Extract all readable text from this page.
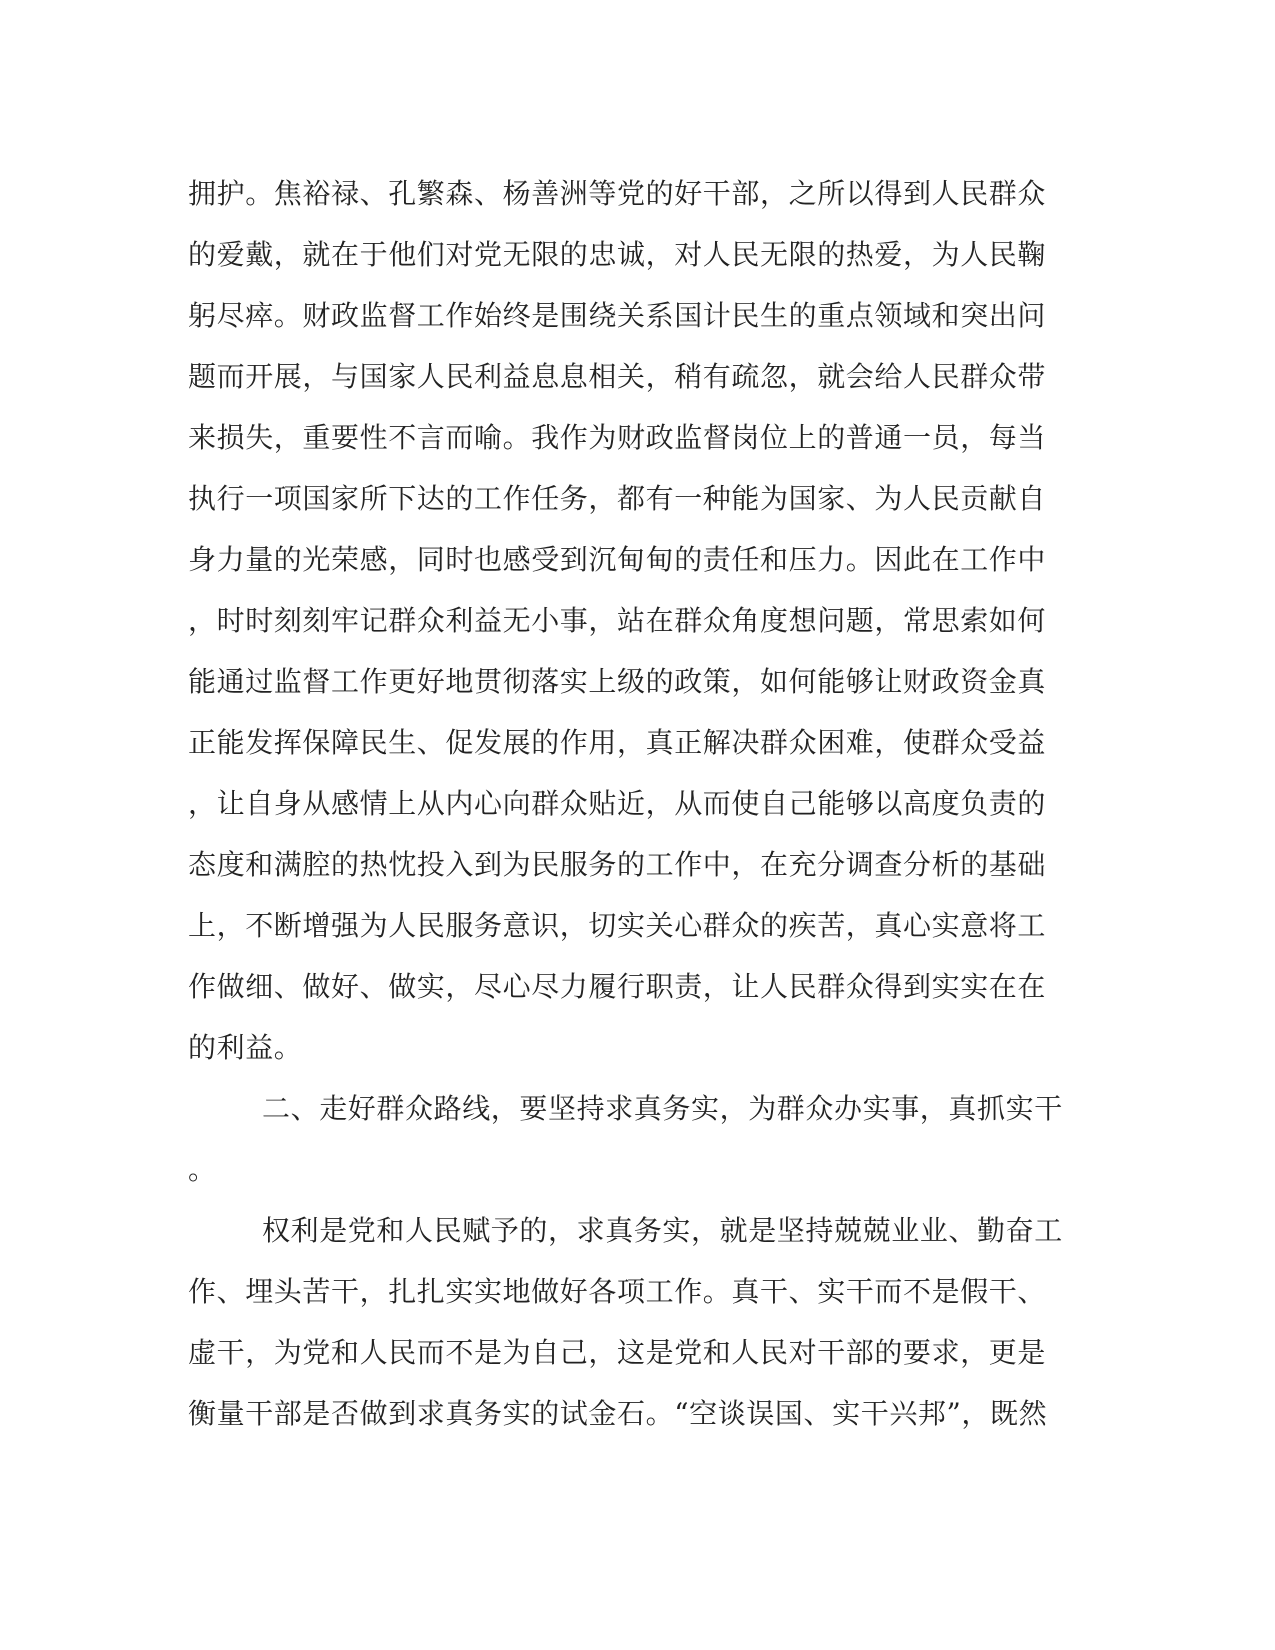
拥护。焦裕禄、孔繁森、杨善洲等党的好干部，之所以得到人民群众
的爱戴，就在于他们对党无限的忠诚，对人民无限的热爱，为人民鞠
躬尽瘁。财政监督工作始终是围绕关系国计民生的重点领域和突出问
题而开展，与国家人民利益息息相关，稍有疏忽，就会给人民群众带
来损失，重要性不言而喻。我作为财政监督岗位上的普通一员，每当
执行一项国家所下达的工作任务，都有一种能为国家、为人民贡献自
身力量的光荣感，同时也感受到沉甸甸的责任和压力。因此在工作中
，时时刻刻牢记群众利益无小事，站在群众角度想问题，常思索如何
能通过监督工作更好地贯彻落实上级的政策，如何能够让财政资金真
正能发挥保障民生、促发展的作用，真正解决群众困难，使群众受益
，让自身从感情上从内心向群众贴近，从而使自己能够以高度负责的
态度和满腔的热忱投入到为民服务的工作中，在充分调查分析的基础
上，不断增强为人民服务意识，切实关心群众的疾苦，真心实意将工
作做细、做好、做实，尽心尽力履行职责，让人民群众得到实实在在
的利益。
二、走好群众路线，要坚持求真务实，为群众办实事，真抓实干
。
权利是党和人民赋予的，求真务实，就是坚持兢兢业业、勤奋工
作、埋头苦干，扎扎实实地做好各项工作。真干、实干而不是假干、
虚干，为党和人民而不是为自己，这是党和人民对干部的要求，更是
衡量干部是否做到求真务实的试金石。“空谈误国、实干兴邦”，既然
